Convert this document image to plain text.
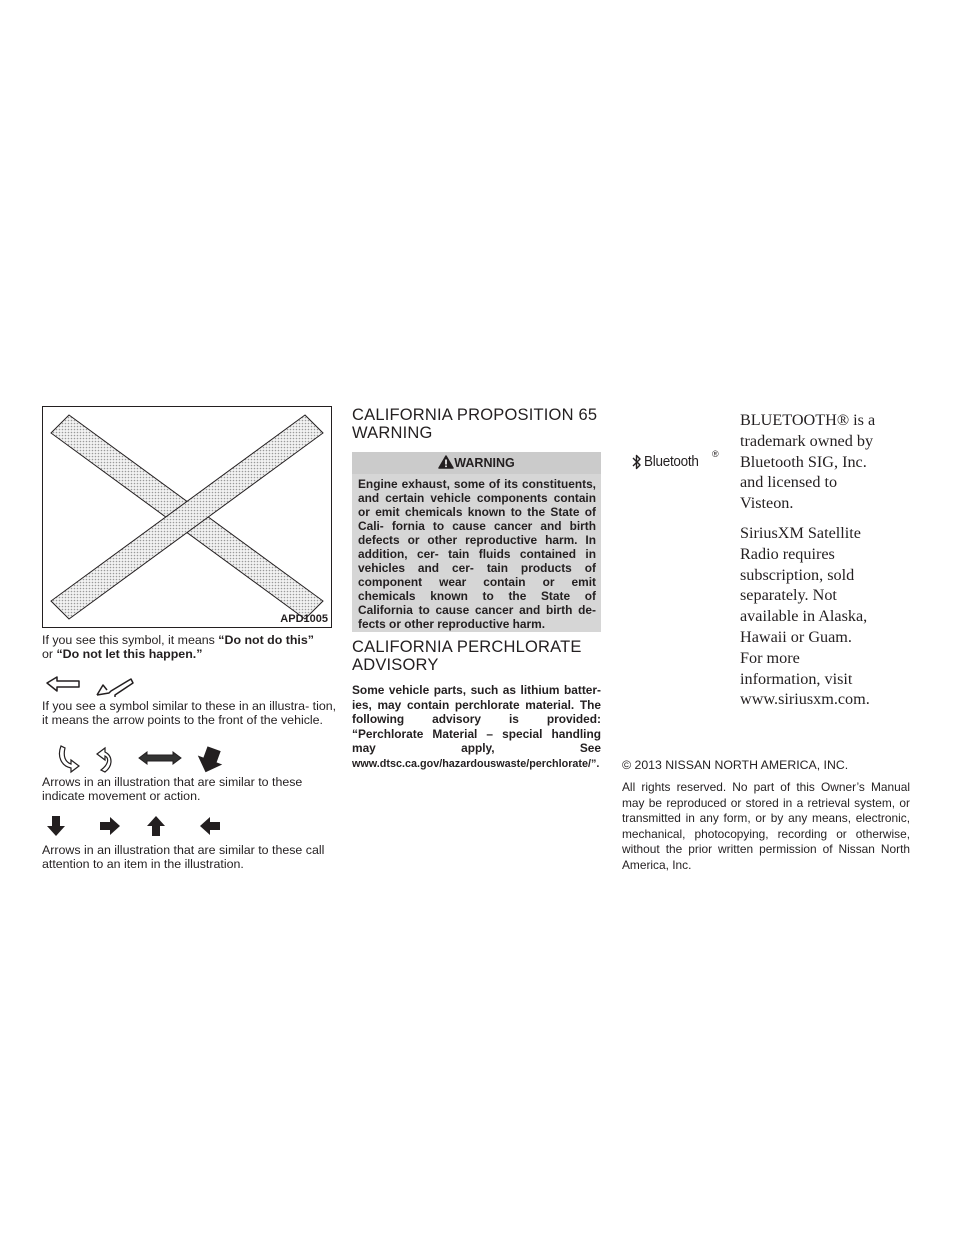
APD1005

If you see this symbol, it means “Do not do this”
or “Do not let this happen.”

If you see a symbol similar to these in an illustra- tion, it means the arrow points to the front of the vehicle.

Arrows in an illustration that are similar to these indicate movement or action.

Arrows in an illustration that are similar to these call attention to an item in the illustration.

CALIFORNIA PROPOSITION 65
WARNING
WARNING
Engine exhaust, some of its constituents, and certain vehicle components contain or emit chemicals known to the State of Cali- fornia to cause cancer and birth defects or other reproductive harm. In addition, cer- tain fluids contained in vehicles and cer- tain products of component wear contain or emit chemicals known to the State of California to cause cancer and birth de- fects or other reproductive harm.
CALIFORNIA PERCHLORATE
ADVISORY

Some vehicle parts, such as lithium batter- ies, may contain perchlorate material. The following advisory is provided: “Perchlorate Material – special handling may apply, See www.dtsc.ca.gov/hazardouswaste/perchlorate/”.

Bluetooth ®
BLUETOOTH® is a
trademark owned by
Bluetooth SIG, Inc.
and licensed to
Visteon.
SiriusXM Satellite
Radio requires
subscription, sold
separately. Not
available in Alaska,
Hawaii or Guam.
For more
information, visit
www.siriusxm.com.

© 2013 NISSAN NORTH AMERICA, INC.

All rights reserved. No part of this Owner’s Manual may be reproduced or stored in a retrieval system, or transmitted in any form, or by any means, electronic, mechanical, photocopying, recording or otherwise, without the prior written permission of Nissan North America, Inc.
